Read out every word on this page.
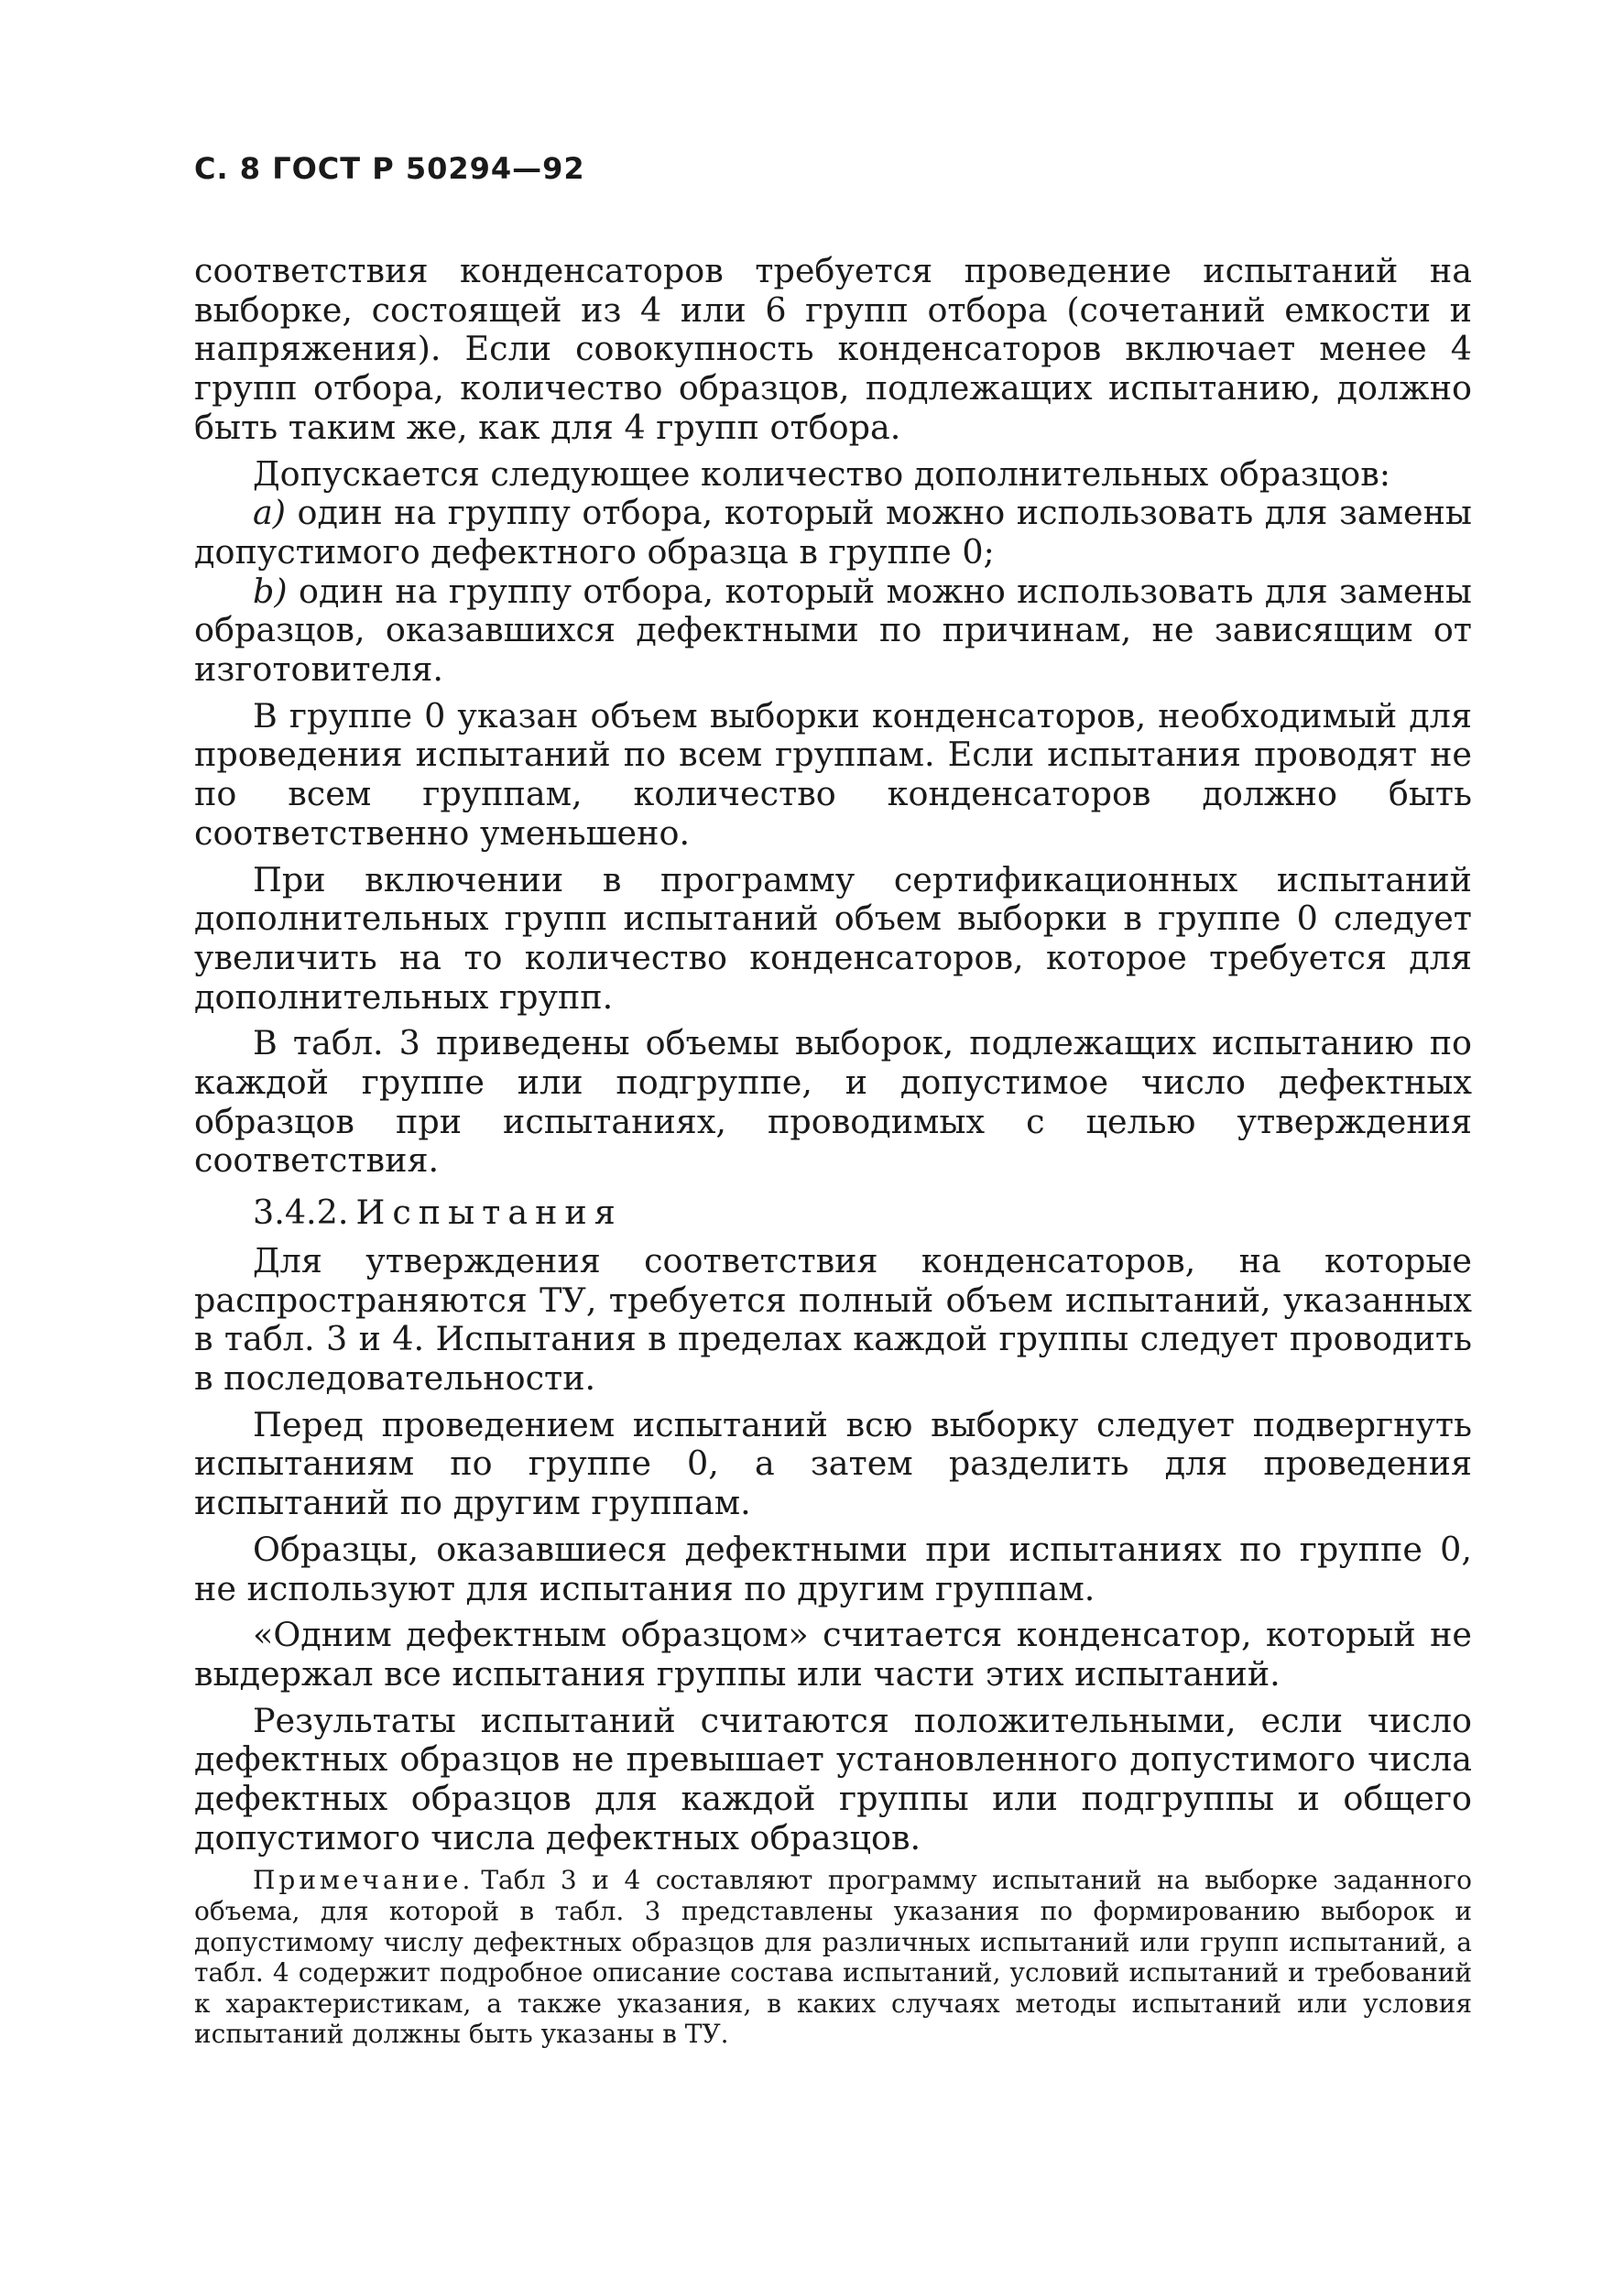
С. 8 ГОСТ Р 50294—92

соответствия конденсаторов требуется проведение испытаний на выборке, состоящей из 4 или 6 групп отбора (сочетаний емкости и напряжения). Если совокупность конденсаторов включает менее 4 групп отбора, количество образцов, подлежащих испытанию, должно быть таким же, как для 4 групп отбора.

Допускается следующее количество дополнительных образцов:

а) один на группу отбора, который можно использовать для замены допустимого дефектного образца в группе 0;

b) один на группу отбора, который можно использовать для замены образцов, оказавшихся дефектными по причинам, не зависящим от изготовителя.

В группе 0 указан объем выборки конденсаторов, необходимый для проведения испытаний по всем группам. Если испытания проводят не по всем группам, количество конденсаторов должно быть соответственно уменьшено.

При включении в программу сертификационных испытаний дополнительных групп испытаний объем выборки в группе 0 следует увеличить на то количество конденсаторов, которое требуется для дополнительных групп.

В табл. 3 приведены объемы выборок, подлежащих испытанию по каждой группе или подгруппе, и допустимое число дефектных образцов при испытаниях, проводимых с целью утверждения соответствия.

3.4.2. Испытания

Для утверждения соответствия конденсаторов, на которые распространяются ТУ, требуется полный объем испытаний, указанных в табл. 3 и 4. Испытания в пределах каждой группы следует проводить в последовательности.

Перед проведением испытаний всю выборку следует подвергнуть испытаниям по группе 0, а затем разделить для проведения испытаний по другим группам.

Образцы, оказавшиеся дефектными при испытаниях по группе 0, не используют для испытания по другим группам.

«Одним дефектным образцом» считается конденсатор, который не выдержал все испытания группы или части этих испытаний.

Результаты испытаний считаются положительными, если число дефектных образцов не превышает установленного допустимого числа дефектных образцов для каждой группы или подгруппы и общего допустимого числа дефектных образцов.

Примечание. Табл 3 и 4 составляют программу испытаний на выборке заданного объема, для которой в табл. 3 представлены указания по формированию выборок и допустимому числу дефектных образцов для различных испытаний или групп испытаний, а табл. 4 содержит подробное описание состава испытаний, условий испытаний и требований к характеристикам, а также указания, в каких случаях методы испытаний или условия испытаний должны быть указаны в ТУ.
